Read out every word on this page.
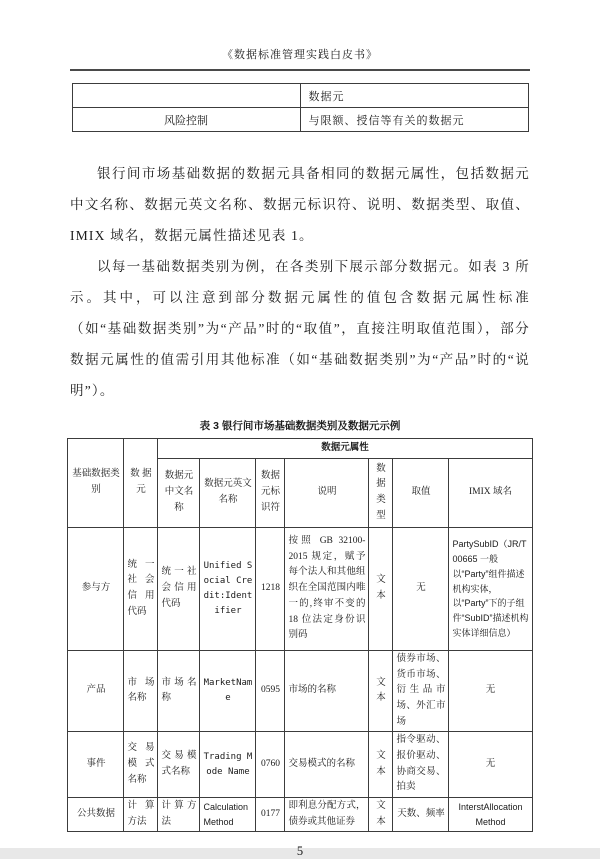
《数据标准管理实践白皮书》
	数据元
风险控制	与限额、授信等有关的数据元

银行间市场基础数据的数据元具备相同的数据元属性，包括数据元中文名称、数据元英文名称、数据元标识符、说明、数据类型、取值、IMIX 域名，数据元属性描述见表 1。

以每一基础数据类别为例，在各类别下展示部分数据元。如表 3 所示。其中，可以注意到部分数据元属性的值包含数据元属性标准（如“基础数据类别”为“产品”时的“取值”，直接注明取值范围），部分数据元属性的值需引用其他标准（如“基础数据类别”为“产品”时的“说明”）。

表 3 银行间市场基础数据类别及数据元示例
基础数据类别	数 据 元	数据元属性						
		数据元中文名称	数据元英文名称	数据元标识符	说明	数据类型	取值	IMIX 域名
参与方	统一社会信用代码	统一社会信用代码	Unified Social Credit:Identifier	1218	按照 GB 32100-2015 规定，赋予每个法人和其他组织在全国范围内唯一的,终审不变的 18 位法定身份识别码	文本	无	PartySubID（JR/T 00665 一般以“Party”组件描述机构实体，以“Party”下的子组件“SubID”描述机构实体详细信息）
产品	市场名称	市场名称	MarketName	0595	市场的名称	文本	债券市场、货币市场、衍生品市场、外汇市场	无
事件	交易模式名称	交易模式名称	Trading Mode Name	0760	交易模式的名称	文本	指令驱动、报价驱动、协商交易、拍卖	无
公共数据	计算方法	计算方法	Calculation Method	0177	即利息分配方式，债券或其他证券	文本	天数、频率	InterstAllocation Method
5
